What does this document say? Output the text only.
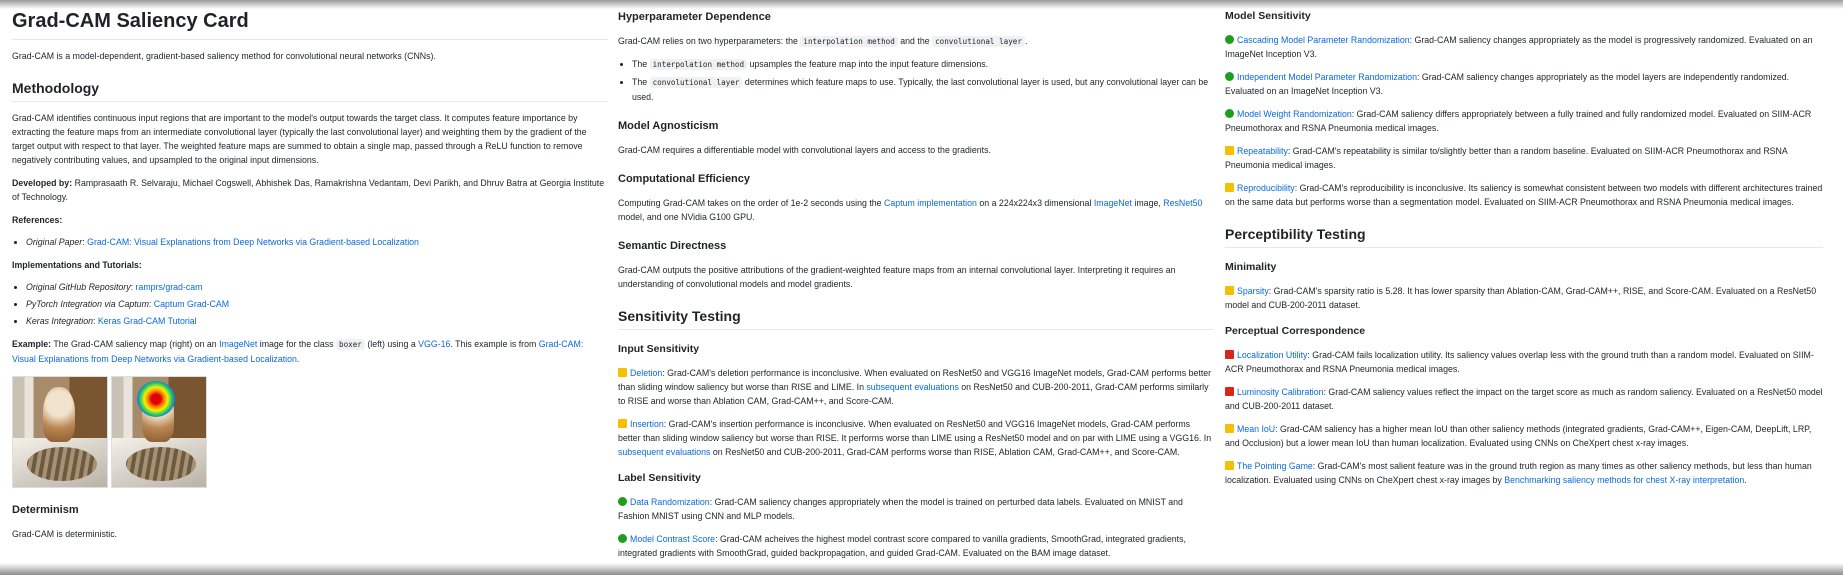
Grad-CAM Saliency Card
Grad-CAM is a model-dependent, gradient-based saliency method for convolutional neural networks (CNNs).
Methodology
Grad-CAM identifies continuous input regions that are important to the model's output towards the target class. It computes feature importance by extracting the feature maps from an intermediate convolutional layer (typically the last convolutional layer) and weighting them by the gradient of the target output with respect to that layer. The weighted feature maps are summed to obtain a single map, passed through a ReLU function to remove negatively contributing values, and upsampled to the original input dimensions.
Developed by: Ramprasaath R. Selvaraju, Michael Cogswell, Abhishek Das, Ramakrishna Vedantam, Devi Parikh, and Dhruv Batra at Georgia Institute of Technology.
References:
• Original Paper: Grad-CAM: Visual Explanations from Deep Networks via Gradient-based Localization
Implementations and Tutorials:
• Original GitHub Repository: ramprs/grad-cam
• PyTorch Integration via Captum: Captum Grad-CAM
• Keras Integration: Keras Grad-CAM Tutorial
Example: The Grad-CAM saliency map (right) on an ImageNet image for the class boxer (left) using a VGG-16. This example is from Grad-CAM: Visual Explanations from Deep Networks via Gradient-based Localization.
Determinism
Grad-CAM is deterministic.
Hyperparameter Dependence
Grad-CAM relies on two hyperparameters: the interpolation method and the convolutional layer .
• The interpolation method upsamples the feature map into the input feature dimensions.
• The convolutional layer determines which feature maps to use. Typically, the last convolutional layer is used, but any convolutional layer can be used.
Model Agnosticism
Grad-CAM requires a differentiable model with convolutional layers and access to the gradients.
Computational Efficiency
Computing Grad-CAM takes on the order of 1e-2 seconds using the Captum implementation on a 224x224x3 dimensional ImageNet image, ResNet50 model, and one NVidia G100 GPU.
Semantic Directness
Grad-CAM outputs the positive attributions of the gradient-weighted feature maps from an internal convolutional layer. Interpreting it requires an understanding of convolutional models and model gradients.
Sensitivity Testing
Input Sensitivity
Deletion: Grad-CAM's deletion performance is inconclusive. When evaluated on ResNet50 and VGG16 ImageNet models, Grad-CAM performs better than sliding window saliency but worse than RISE and LIME. In subsequent evaluations on ResNet50 and CUB-200-2011, Grad-CAM performs similarly to RISE and worse than Ablation CAM, Grad-CAM++, and Score-CAM.
Insertion: Grad-CAM's insertion performance is inconclusive. When evaluated on ResNet50 and VGG16 ImageNet models, Grad-CAM performs better than sliding window saliency but worse than RISE. It performs worse than LIME using a ResNet50 model and on par with LIME using a VGG16. In subsequent evaluations on ResNet50 and CUB-200-2011, Grad-CAM performs worse than RISE, Ablation CAM, Grad-CAM++, and Score-CAM.
Label Sensitivity
Data Randomization: Grad-CAM saliency changes appropriately when the model is trained on perturbed data labels. Evaluated on MNIST and Fashion MNIST using CNN and MLP models.
Model Contrast Score: Grad-CAM acheives the highest model contrast score compared to vanilla gradients, SmoothGrad, integrated gradients, integrated gradients with SmoothGrad, guided backpropagation, and guided Grad-CAM. Evaluated on the BAM image dataset.
Model Sensitivity
Cascading Model Parameter Randomization: Grad-CAM saliency changes appropriately as the model is progressively randomized. Evaluated on an ImageNet Inception V3.
Independent Model Parameter Randomization: Grad-CAM saliency changes appropriately as the model layers are independently randomized. Evaluated on an ImageNet Inception V3.
Model Weight Randomization: Grad-CAM saliency differs appropriately between a fully trained and fully randomized model. Evaluated on SIIM-ACR Pneumothorax and RSNA Pneumonia medical images.
Repeatability: Grad-CAM's repeatability is similar to/slightly better than a random baseline. Evaluated on SIIM-ACR Pneumothorax and RSNA Pneumonia medical images.
Reproducibility: Grad-CAM's reproducibility is inconclusive. Its saliency is somewhat consistent between two models with different architectures trained on the same data but performs worse than a segmentation model. Evaluated on SIIM-ACR Pneumothorax and RSNA Pneumonia medical images.
Perceptibility Testing
Minimality
Sparsity: Grad-CAM's sparsity ratio is 5.28. It has lower sparsity than Ablation-CAM, Grad-CAM++, RISE, and Score-CAM. Evaluated on a ResNet50 model and CUB-200-2011 dataset.
Perceptual Correspondence
Localization Utility: Grad-CAM fails localization utility. Its saliency values overlap less with the ground truth than a random model. Evaluated on SIIM-ACR Pneumothorax and RSNA Pneumonia medical images.
Luminosity Calibration: Grad-CAM saliency values reflect the impact on the target score as much as random saliency. Evaluated on a ResNet50 model and CUB-200-2011 dataset.
Mean IoU: Grad-CAM saliency has a higher mean IoU than other saliency methods (integrated gradients, Grad-CAM++, Eigen-CAM, DeepLift, LRP, and Occlusion) but a lower mean IoU than human localization. Evaluated using CNNs on CheXpert chest x-ray images.
The Pointing Game: Grad-CAM's most salient feature was in the ground truth region as many times as other saliency methods, but less than human localization. Evaluated using CNNs on CheXpert chest x-ray images by Benchmarking saliency methods for chest X-ray interpretation.
